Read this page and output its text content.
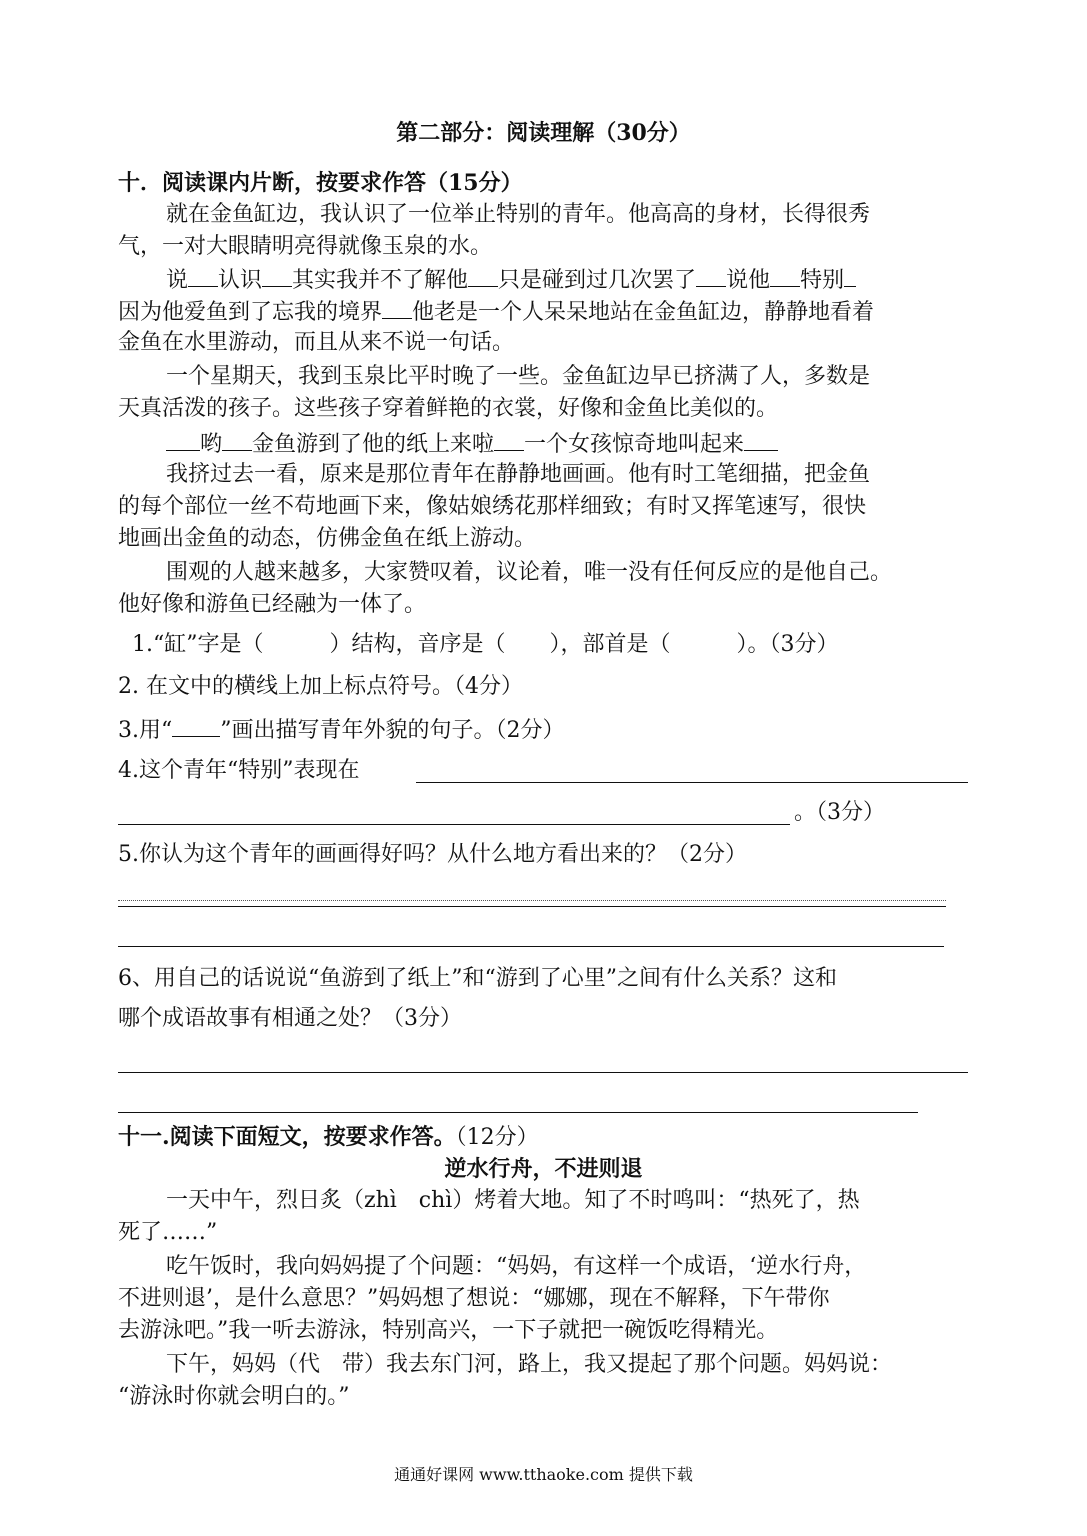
第二部分：阅读理解（30分）
十．阅读课内片断，按要求作答（15分）
就在金鱼缸边，我认识了一位举止特别的青年。他高高的身材，长得很秀
气，一对大眼睛明亮得就像玉泉的水。
说 认识 其实我并不了解他 只是碰到过几次罢了 说他 特别
因为他爱鱼到了忘我的境界 他老是一个人呆呆地站在金鱼缸边，静静地看着
金鱼在水里游动，而且从来不说一句话。
一个星期天，我到玉泉比平时晚了一些。金鱼缸边早已挤满了人，多数是
天真活泼的孩子。这些孩子穿着鲜艳的衣裳，好像和金鱼比美似的。
哟 金鱼游到了他的纸上来啦 一个女孩惊奇地叫起来
我挤过去一看，原来是那位青年在静静地画画。他有时工笔细描，把金鱼
的每个部位一丝不苟地画下来，像姑娘绣花那样细致；有时又挥笔速写，很快
地画出金鱼的动态，仿佛金鱼在纸上游动。
围观的人越来越多，大家赞叹着，议论着，唯一没有任何反应的是他自己。
他好像和游鱼已经融为一体了。
1.“缸”字是（　　　）结构，音序是（　　），部首是（　　　）。（3分）
2. 在文中的横线上加上标点符号。（4分）
3.用“ ”画出描写青年外貌的句子。（2分）
4.这个青年“特别”表现在
。（3分）
5.你认为这个青年的画画得好吗？从什么地方看出来的？（2分）
6、用自己的话说说“鱼游到了纸上”和“游到了心里”之间有什么关系？这和
哪个成语故事有相通之处？（3分）
十一.阅读下面短文，按要求作答。（12分）
逆水行舟，不进则退
一天中午，烈日炙（zhì　chì）烤着大地。知了不时鸣叫：“热死了，热
死了……”
吃午饭时，我向妈妈提了个问题：“妈妈，有这样一个成语，‘逆水行舟，
不进则退’，是什么意思？”妈妈想了想说：“娜娜，现在不解释，下午带你
去游泳吧。”我一听去游泳，特别高兴，一下子就把一碗饭吃得精光。
下午，妈妈（代　带）我去东门河，路上，我又提起了那个问题。妈妈说：
“游泳时你就会明白的。”
通通好课网 www.tthaoke.com 提供下载
